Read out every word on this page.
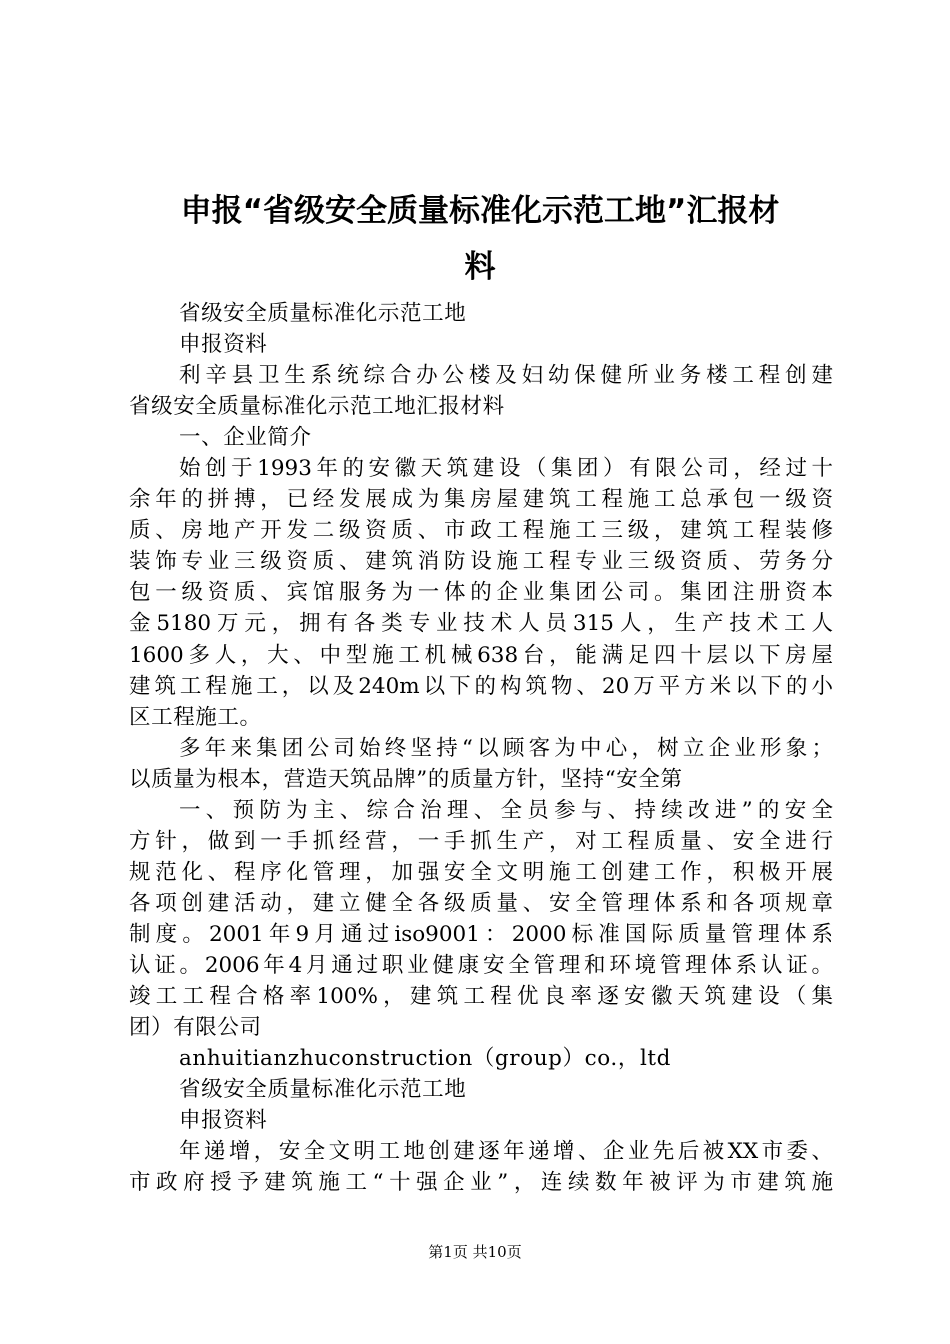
申报“省级安全质量标准化示范工地”汇报材
料
省级安全质量标准化示范工地
申报资料
利辛县卫生系统综合办公楼及妇幼保健所业务楼工程创建
省级安全质量标准化示范工地汇报材料
一、企业简介
始创于1993年的安徽天筑建设（集团）有限公司，经过十
余年的拼搏，已经发展成为集房屋建筑工程施工总承包一级资
质、房地产开发二级资质、市政工程施工三级，建筑工程装修
装饰专业三级资质、建筑消防设施工程专业三级资质、劳务分
包一级资质、宾馆服务为一体的企业集团公司。集团注册资本
金5180万元，拥有各类专业技术人员315人，生产技术工人
1600多人，大、中型施工机械638台，能满足四十层以下房屋
建筑工程施工，以及240m以下的构筑物、20万平方米以下的小
区工程施工。
多年来集团公司始终坚持“以顾客为中心，树立企业形象；
以质量为根本，营造天筑品牌”的质量方针，坚持“安全第
一、预防为主、综合治理、全员参与、持续改进”的安全
方针，做到一手抓经营，一手抓生产，对工程质量、安全进行
规范化、程序化管理，加强安全文明施工创建工作，积极开展
各项创建活动，建立健全各级质量、安全管理体系和各项规章
制度。2001年9月通过iso9001：2000标准国际质量管理体系
认证。2006年4月通过职业健康安全管理和环境管理体系认证。
竣工工程合格率100%，建筑工程优良率逐安徽天筑建设（集
团）有限公司
anhuitianzhuconstruction（group）co.，ltd
省级安全质量标准化示范工地
申报资料
年递增，安全文明工地创建逐年递增、企业先后被XX市委、
市政府授予建筑施工“十强企业”，连续数年被评为市建筑施
第1页 共10页
